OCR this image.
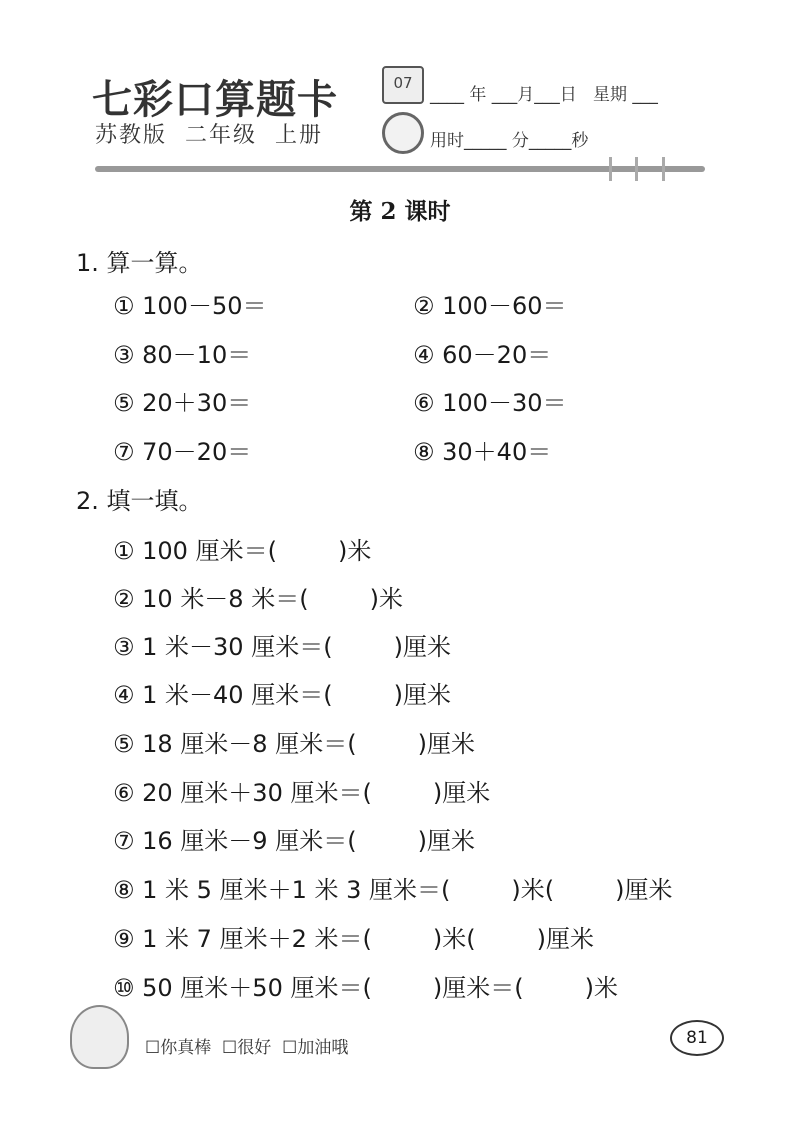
七彩口算题卡
苏教版  二年级  上册
07
____ 年 ___月___日   星期 ___
用时_____ 分_____秒
第 2 课时
1. 算一算。
① 100－50＝	② 100－60＝
③ 80－10＝	④ 60－20＝
⑤ 20＋30＝	⑥ 100－30＝
⑦ 70－20＝	⑧ 30＋40＝
2. 填一填。
① 100 厘米＝(        )米
② 10 米－8 米＝(        )米
③ 1 米－30 厘米＝(        )厘米
④ 1 米－40 厘米＝(        )厘米
⑤ 18 厘米－8 厘米＝(        )厘米
⑥ 20 厘米＋30 厘米＝(        )厘米
⑦ 16 厘米－9 厘米＝(        )厘米
⑧ 1 米 5 厘米＋1 米 3 厘米＝(        )米(        )厘米
⑨ 1 米 7 厘米＋2 米＝(        )米(        )厘米
⑩ 50 厘米＋50 厘米＝(        )厘米＝(        )米
☐你真棒  ☐很好  ☐加油哦	81
